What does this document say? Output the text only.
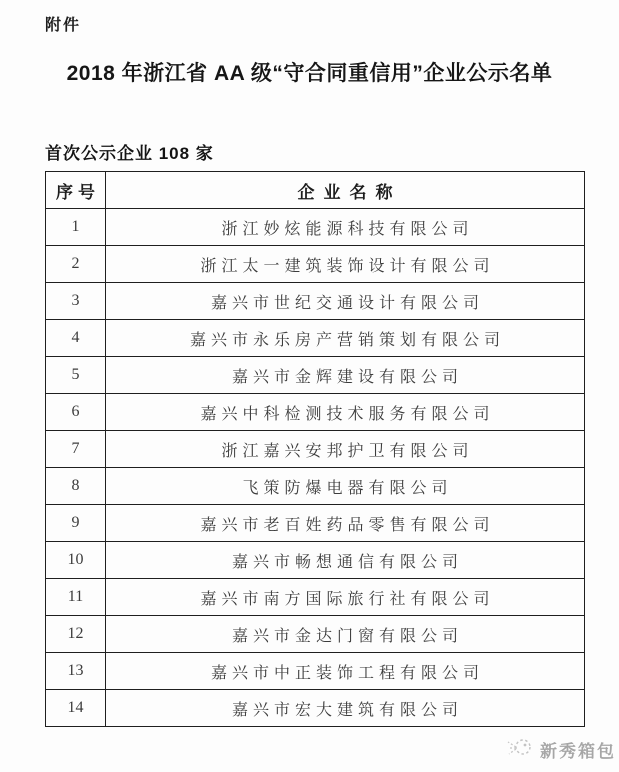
附件
2018 年浙江省 AA 级“守合同重信用”企业公示名单
首次公示企业 108 家
序号	企业名称
1	浙江妙炫能源科技有限公司
2	浙江太一建筑装饰设计有限公司
3	嘉兴市世纪交通设计有限公司
4	嘉兴市永乐房产营销策划有限公司
5	嘉兴市金辉建设有限公司
6	嘉兴中科检测技术服务有限公司
7	浙江嘉兴安邦护卫有限公司
8	飞策防爆电器有限公司
9	嘉兴市老百姓药品零售有限公司
10	嘉兴市畅想通信有限公司
11	嘉兴市南方国际旅行社有限公司
12	嘉兴市金达门窗有限公司
13	嘉兴市中正装饰工程有限公司
14	嘉兴市宏大建筑有限公司
新秀箱包
